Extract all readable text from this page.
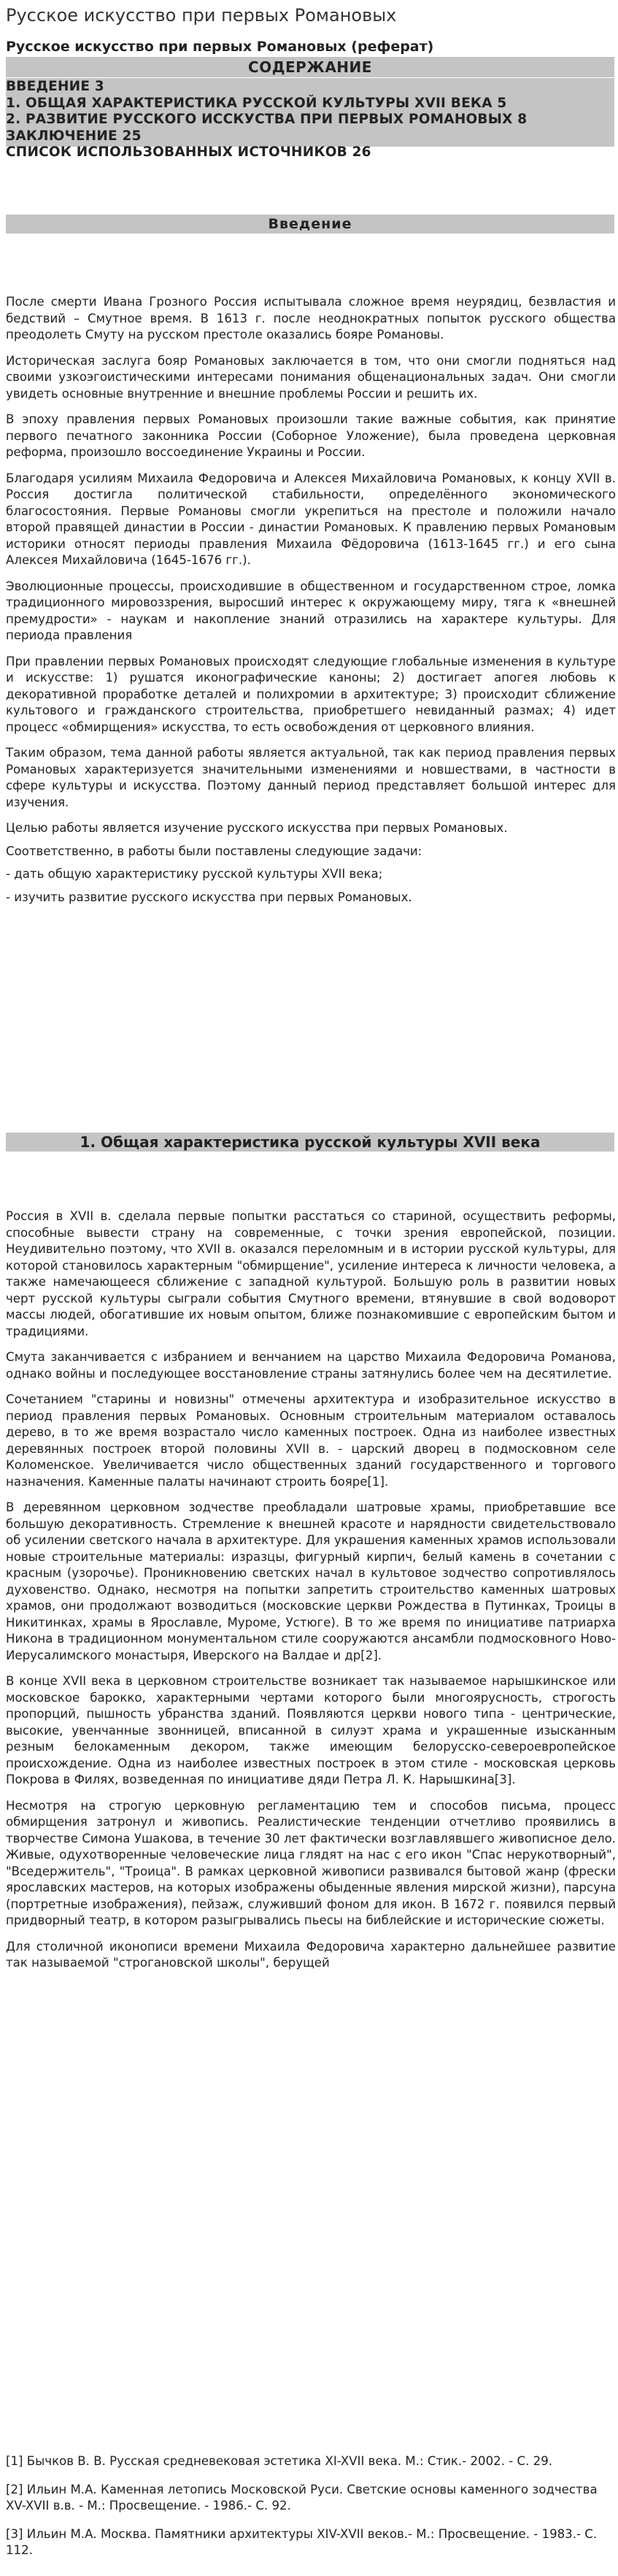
Русское искусство при первых Романовых
Русское искусство при первых Романовых (реферат)
СОДЕРЖАНИЕ
ВВЕДЕНИЕ 3
1. ОБЩАЯ ХАРАКТЕРИСТИКА РУССКОЙ КУЛЬТУРЫ XVII ВЕКА 5
2. РАЗВИТИЕ РУССКОГО ИССКУСТВА ПРИ ПЕРВЫХ РОМАНОВЫХ 8
ЗАКЛЮЧЕНИЕ 25
СПИСОК ИСПОЛЬЗОВАННЫХ ИСТОЧНИКОВ 26
Введение

После смерти Ивана Грозного Россия испытывала сложное время неурядиц, безвластия и бедствий – Смутное время. В 1613 г. после неоднократных попыток русского общества преодолеть Смуту на русском престоле оказались бояре Романовы.

Историческая заслуга бояр Романовых заключается в том, что они смогли подняться над своими узкоэгоистическими интересами понимания общенациональных задач. Они смогли увидеть основные внутренние и внешние проблемы России и решить их.

В эпоху правления первых Романовых произошли такие важные события, как принятие первого печатного законника России (Соборное Уложение), была проведена церковная реформа, произошло воссоединение Украины и России.

Благодаря усилиям Михаила Федоровича и Алексея Михайловича Романовых, к концу XVII в. Россия достигла политической стабильности, определённого экономического благосостояния. Первые Романовы смогли укрепиться на престоле и положили начало второй правящей династии в России - династии Романовых. К правлению первых Романовым историки относят периоды правления Михаила Фёдоровича (1613-1645 гг.) и его сына Алексея Михайловича (1645-1676 гг.).

Эволюционные процессы, происходившие в общественном и государственном строе, ломка традиционного мировоззрения, выросший интерес к окружающему миру, тяга к «внешней премудрости» - наукам и накопление знаний отразились на характере культуры. Для периода правления

При правлении первых Романовых происходят следующие глобальные изменения в культуре и искусстве: 1) рушатся иконографические каноны; 2) достигает апогея любовь к декоративной проработке деталей и полихромии в архитектуре; 3) происходит сближение культового и гражданского строительства, приобретшего невиданный размах; 4) идет процесс «обмирщения» искусства, то есть освобождения от церковного влияния.

Таким образом, тема данной работы является актуальной, так как период правления первых Романовых характеризуется значительными изменениями и новшествами, в частности в сфере культуры и искусства. Поэтому данный период представляет большой интерес для изучения.

Целью работы является изучение русского искусства при первых Романовых.

Соответственно, в работы были поставлены следующие задачи:

- дать общую характеристику русской культуры XVII века;

- изучить развитие русского искусства при первых Романовых.

1. Общая характеристика русской культуры XVII века

Россия в XVII в. сделала первые попытки расстаться со стариной, осуществить реформы, способные вывести страну на современные, с точки зрения европейской, позиции. Неудивительно поэтому, что XVII в. оказался переломным и в истории русской культуры, для которой становилось характерным "обмирщение", усиление интереса к личности человека, а также намечающееся сближение с западной культурой. Большую роль в развитии новых черт русской культуры сыграли события Смутного времени, втянувшие в свой водоворот массы людей, обогатившие их новым опытом, ближе познакомившие с европейским бытом и традициями.

Смута заканчивается с избранием и венчанием на царство Михаила Федоровича Романова, однако войны и последующее восстановление страны затянулись более чем на десятилетие.

Сочетанием "старины и новизны" отмечены архитектура и изобразительное искусство в период правления первых Романовых. Основным строительным материалом оставалось дерево, в то же время возрастало число каменных построек. Одна из наиболее известных деревянных построек второй половины XVII в. - царский дворец в подмосковном селе Коломенское. Увеличивается число общественных зданий государственного и торгового назначения. Каменные палаты начинают строить бояре[1].

В деревянном церковном зодчестве преобладали шатровые храмы, приобретавшие все большую декоративность. Стремление к внешней красоте и нарядности свидетельствовало об усилении светского начала в архитектуре. Для украшения каменных храмов использовали новые строительные материалы: изразцы, фигурный кирпич, белый камень в сочетании с красным (узорочье). Проникновению светских начал в культовое зодчество сопротивлялось духовенство. Однако, несмотря на попытки запретить строительство каменных шатровых храмов, они продолжают возводиться (московские церкви Рождества в Путинках, Троицы в Никитинках, храмы в Ярославле, Муроме, Устюге). В то же время по инициативе патриарха Никона в традиционном монументальном стиле сооружаются ансамбли подмосковного Ново-Иерусалимского монастыря, Иверского на Валдае и др[2].

В конце XVII века в церковном строительстве возникает так называемое нарышкинское или московское барокко, характерными чертами которого были многоярусность, строгость пропорций, пышность убранства зданий. Появляются церкви нового типа - центрические, высокие, увенчанные звонницей, вписанной в силуэт храма и украшенные изысканным резным белокаменным декором, также имеющим белорусско-североевропейское происхождение. Одна из наиболее известных построек в этом стиле - московская церковь Покрова в Филях, возведенная по инициативе дяди Петра Л. К. Нарышкина[3].

Несмотря на строгую церковную регламентацию тем и способов письма, процесс обмирщения затронул и живопись. Реалистические тенденции отчетливо проявились в творчестве Симона Ушакова, в течение 30 лет фактически возглавлявшего живописное дело. Живые, одухотворенные человеческие лица глядят на нас с его икон "Спас нерукотворный", "Вседержитель", "Троица". В рамках церковной живописи развивался бытовой жанр (фрески ярославских мастеров, на которых изображены обыденные явления мирской жизни), парсуна (портретные изображения), пейзаж, служивший фоном для икон. В 1672 г. появился первый придворный театр, в котором разыгрывались пьесы на библейские и исторические сюжеты.

Для столичной иконописи времени Михаила Федоровича характерно дальнейшее развитие так называемой "строгановской школы", берущей

[1] Бычков В. В. Русская средневековая эстетика XI-XVII века. М.: Стик.- 2002. - С. 29.

[2] Ильин М.А. Каменная летопись Московской Руси. Светские основы каменного зодчества XV-XVII в.в. - М.: Просвещение. - 1986.- С. 92.

[3] Ильин М.А. Москва. Памятники архитектуры XIV-XVII веков.- М.: Просвещение. - 1983.- С. 112.
